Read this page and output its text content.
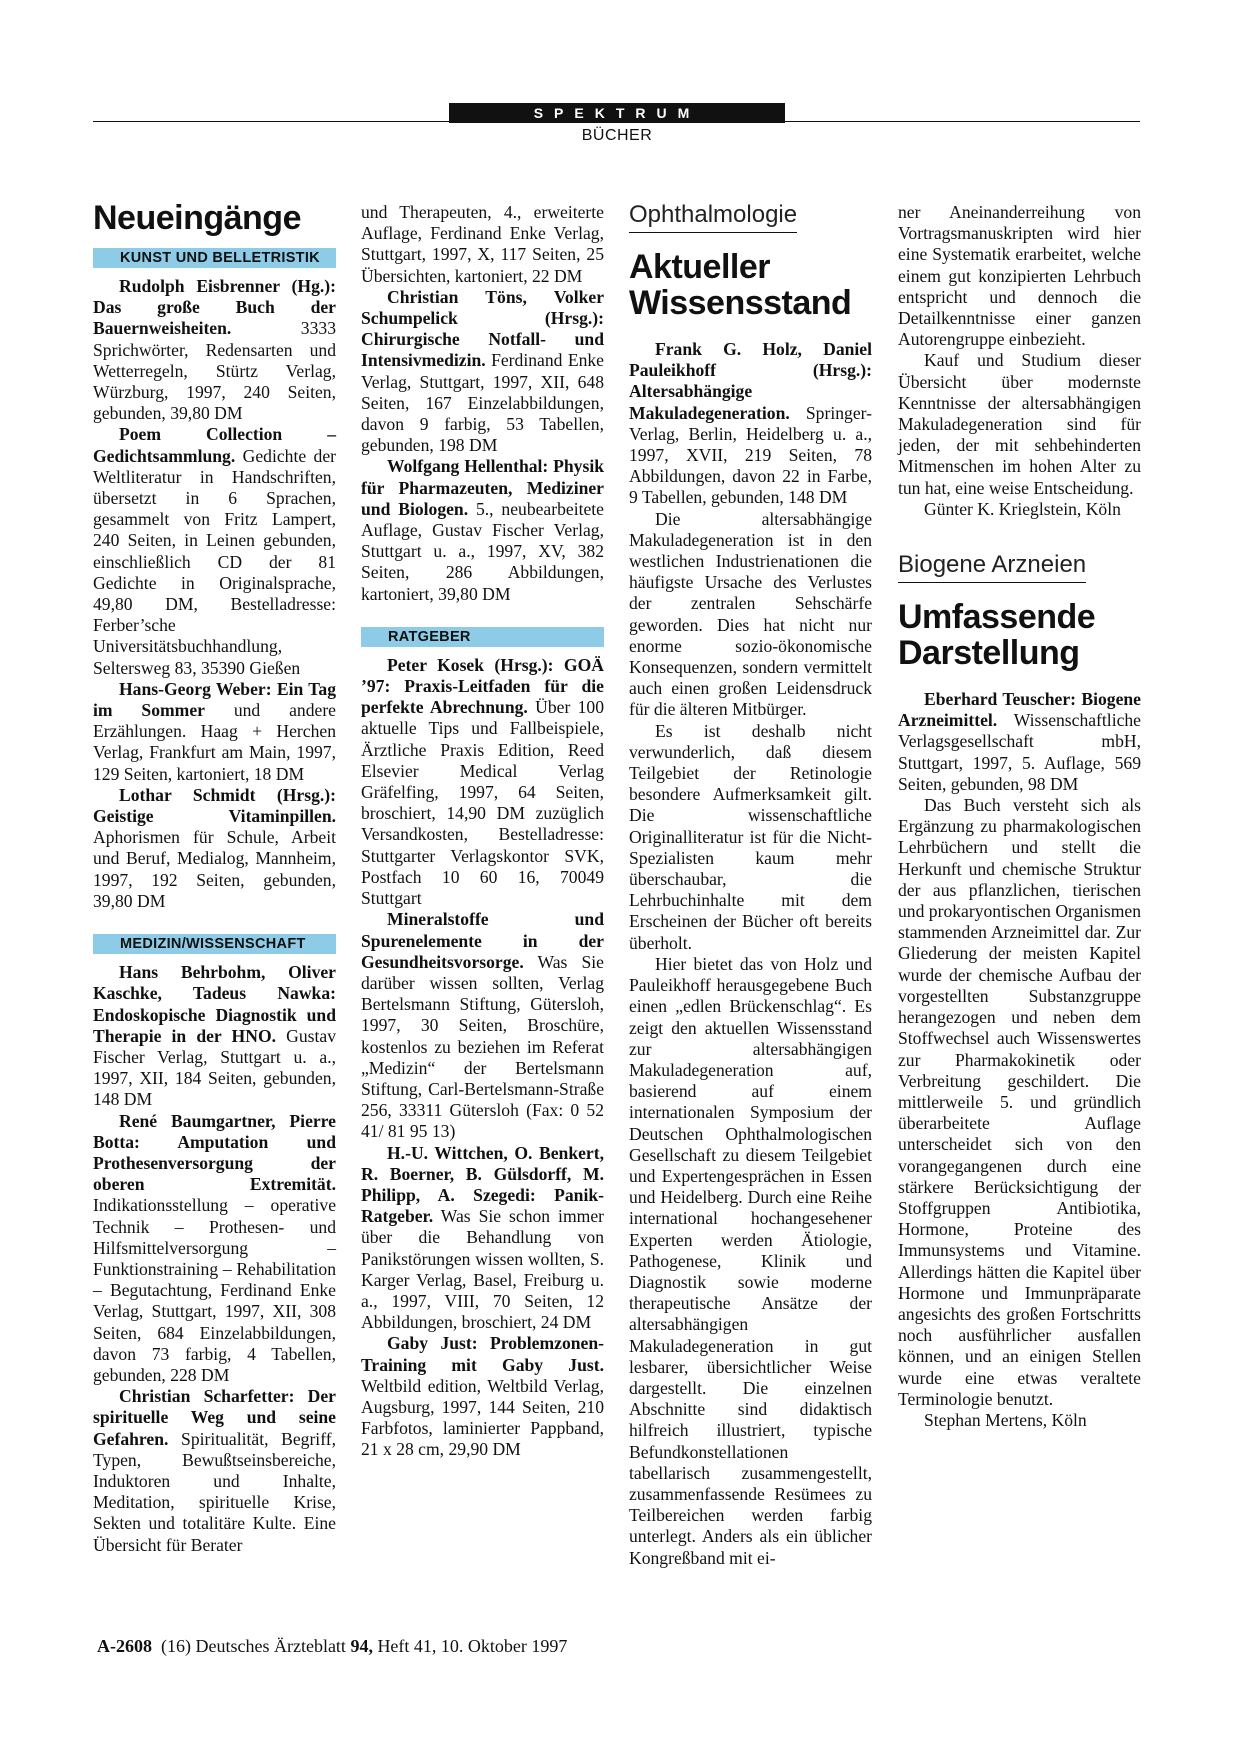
SPEKTRUM
BÜCHER
Neueingänge
KUNST UND BELLETRISTIK

Rudolph Eisbrenner (Hg.): Das große Buch der Bauernweisheiten. 3333 Sprichwörter, Redensarten und Wetterregeln, Stürtz Verlag, Würzburg, 1997, 240 Seiten, gebunden, 39,80 DM

Poem Collection – Gedichtsammlung. Gedichte der Weltliteratur in Handschriften, übersetzt in 6 Sprachen, gesammelt von Fritz Lampert, 240 Seiten, in Leinen gebunden, einschließlich CD der 81 Gedichte in Originalsprache, 49,80 DM, Bestelladresse: Ferber’sche Universitätsbuchhandlung, Seltersweg 83, 35390 Gießen

Hans-Georg Weber: Ein Tag im Sommer und andere Erzählungen. Haag + Herchen Verlag, Frankfurt am Main, 1997, 129 Seiten, kartoniert, 18 DM

Lothar Schmidt (Hrsg.): Geistige Vitaminpillen. Aphorismen für Schule, Arbeit und Beruf, Medialog, Mannheim, 1997, 192 Seiten, gebunden, 39,80 DM

MEDIZIN/WISSENSCHAFT

Hans Behrbohm, Oliver Kaschke, Tadeus Nawka: Endoskopische Diagnostik und Therapie in der HNO. Gustav Fischer Verlag, Stuttgart u. a., 1997, XII, 184 Seiten, gebunden, 148 DM

René Baumgartner, Pierre Botta: Amputation und Prothesenversorgung der oberen Extremität. Indikationsstellung – operative Technik – Prothesen- und Hilfsmittelversorgung – Funktionstraining – Rehabilitation – Begutachtung, Ferdinand Enke Verlag, Stuttgart, 1997, XII, 308 Seiten, 684 Einzelabbildungen, davon 73 farbig, 4 Tabellen, gebunden, 228 DM

Christian Scharfetter: Der spirituelle Weg und seine Gefahren. Spiritualität, Begriff, Typen, Bewußtseinsbereiche, Induktoren und Inhalte, Meditation, spirituelle Krise, Sekten und totalitäre Kulte. Eine Übersicht für Berater

und Therapeuten, 4., erweiterte Auflage, Ferdinand Enke Verlag, Stuttgart, 1997, X, 117 Seiten, 25 Übersichten, kartoniert, 22 DM

Christian Töns, Volker Schumpelick (Hrsg.): Chirurgische Notfall- und Intensivmedizin. Ferdinand Enke Verlag, Stuttgart, 1997, XII, 648 Seiten, 167 Einzelabbildungen, davon 9 farbig, 53 Tabellen, gebunden, 198 DM

Wolfgang Hellenthal: Physik für Pharmazeuten, Mediziner und Biologen. 5., neubearbeitete Auflage, Gustav Fischer Verlag, Stuttgart u. a., 1997, XV, 382 Seiten, 286 Abbildungen, kartoniert, 39,80 DM

RATGEBER

Peter Kosek (Hrsg.): GOÄ ’97: Praxis-Leitfaden für die perfekte Abrechnung. Über 100 aktuelle Tips und Fallbeispiele, Ärztliche Praxis Edition, Reed Elsevier Medical Verlag Gräfelfing, 1997, 64 Seiten, broschiert, 14,90 DM zuzüglich Versandkosten, Bestelladresse: Stuttgarter Verlagskontor SVK, Postfach 10 60 16, 70049 Stuttgart

Mineralstoffe und Spurenelemente in der Gesundheitsvorsorge. Was Sie darüber wissen sollten, Verlag Bertelsmann Stiftung, Gütersloh, 1997, 30 Seiten, Broschüre, kostenlos zu beziehen im Referat „Medizin“ der Bertelsmann Stiftung, Carl-Bertelsmann-Straße 256, 33311 Gütersloh (Fax: 0 52 41/ 81 95 13)

H.-U. Wittchen, O. Benkert, R. Boerner, B. Gülsdorff, M. Philipp, A. Szegedi: Panik-Ratgeber. Was Sie schon immer über die Behandlung von Panikstörungen wissen wollten, S. Karger Verlag, Basel, Freiburg u. a., 1997, VIII, 70 Seiten, 12 Abbildungen, broschiert, 24 DM

Gaby Just: Problemzonen-Training mit Gaby Just. Weltbild edition, Weltbild Verlag, Augsburg, 1997, 144 Seiten, 210 Farbfotos, laminierter Pappband, 21 x 28 cm, 29,90 DM

Ophthalmologie
Aktueller Wissensstand

Frank G. Holz, Daniel Pauleikhoff (Hrsg.): Altersabhängige Makuladegeneration. Springer-Verlag, Berlin, Heidelberg u. a., 1997, XVII, 219 Seiten, 78 Abbildungen, davon 22 in Farbe, 9 Tabellen, gebunden, 148 DM

Die altersabhängige Makuladegeneration ist in den westlichen Industrienationen die häufigste Ursache des Verlustes der zentralen Sehschärfe geworden. Dies hat nicht nur enorme sozio-ökonomische Konsequenzen, sondern vermittelt auch einen großen Leidensdruck für die älteren Mitbürger.

Es ist deshalb nicht verwunderlich, daß diesem Teilgebiet der Retinologie besondere Aufmerksamkeit gilt. Die wissenschaftliche Originalliteratur ist für die Nicht-Spezialisten kaum mehr überschaubar, die Lehrbuchinhalte mit dem Erscheinen der Bücher oft bereits überholt.

Hier bietet das von Holz und Pauleikhoff herausgegebene Buch einen „edlen Brückenschlag“. Es zeigt den aktuellen Wissensstand zur altersabhängigen Makuladegeneration auf, basierend auf einem internationalen Symposium der Deutschen Ophthalmologischen Gesellschaft zu diesem Teilgebiet und Expertengesprächen in Essen und Heidelberg. Durch eine Reihe international hochangesehener Experten werden Ätiologie, Pathogenese, Klinik und Diagnostik sowie moderne therapeutische Ansätze der altersabhängigen Makuladegeneration in gut lesbarer, übersichtlicher Weise dargestellt. Die einzelnen Abschnitte sind didaktisch hilfreich illustriert, typische Befundkonstellationen tabellarisch zusammengestellt, zusammenfassende Resümees zu Teilbereichen werden farbig unterlegt. Anders als ein üblicher Kongreßband mit ei-

ner Aneinanderreihung von Vortragsmanuskripten wird hier eine Systematik erarbeitet, welche einem gut konzipierten Lehrbuch entspricht und dennoch die Detailkenntnisse einer ganzen Autorengruppe einbezieht.

Kauf und Studium dieser Übersicht über modernste Kenntnisse der altersabhängigen Makuladegeneration sind für jeden, der mit sehbehinderten Mitmenschen im hohen Alter zu tun hat, eine weise Entscheidung.

Günter K. Krieglstein, Köln

Biogene Arzneien
Umfassende Darstellung

Eberhard Teuscher: Biogene Arzneimittel. Wissenschaftliche Verlagsgesellschaft mbH, Stuttgart, 1997, 5. Auflage, 569 Seiten, gebunden, 98 DM

Das Buch versteht sich als Ergänzung zu pharmakologischen Lehrbüchern und stellt die Herkunft und chemische Struktur der aus pflanzlichen, tierischen und prokaryontischen Organismen stammenden Arzneimittel dar. Zur Gliederung der meisten Kapitel wurde der chemische Aufbau der vorgestellten Substanzgruppe herangezogen und neben dem Stoffwechsel auch Wissenswertes zur Pharmakokinetik oder Verbreitung geschildert. Die mittlerweile 5. und gründlich überarbeitete Auflage unterscheidet sich von den vorangegangenen durch eine stärkere Berücksichtigung der Stoffgruppen Antibiotika, Hormone, Proteine des Immunsystems und Vitamine. Allerdings hätten die Kapitel über Hormone und Immunpräparate angesichts des großen Fortschritts noch ausführlicher ausfallen können, und an einigen Stellen wurde eine etwas veraltete Terminologie benutzt.

Stephan Mertens, Köln

A-2608 (16) Deutsches Ärzteblatt 94, Heft 41, 10. Oktober 1997
